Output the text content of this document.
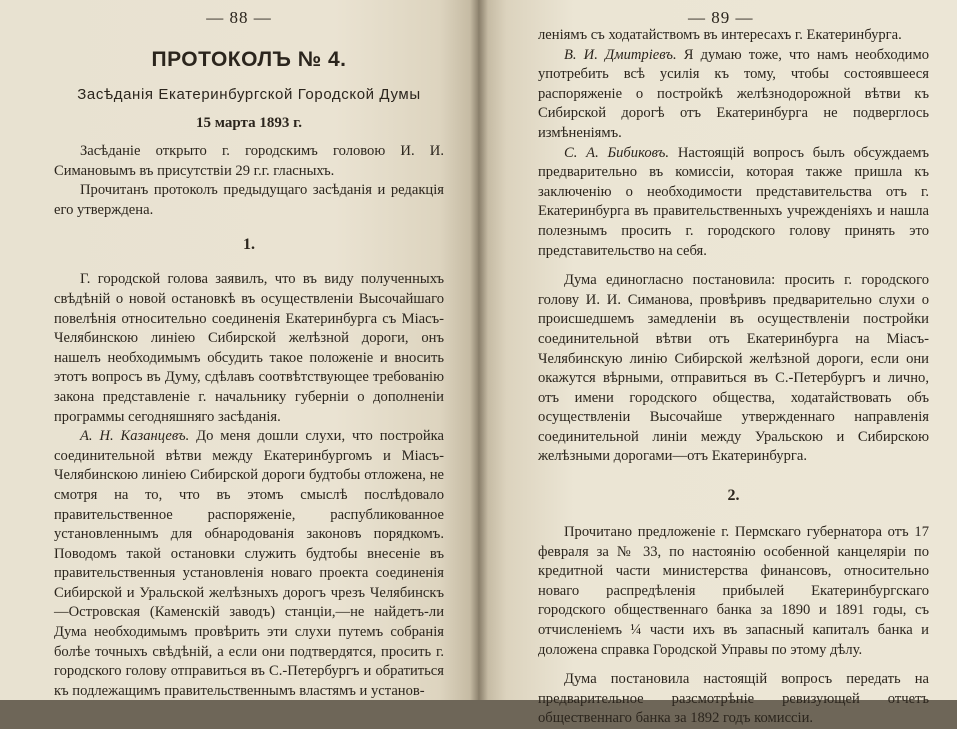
— 88 —
ПРОТОКОЛЪ № 4.
Засѣданія Екатеринбургской Городской Думы
15 марта 1893 г.

Засѣданіе открыто г. городскимъ головою И. И. Симановымъ въ присутствіи 29 г.г. гласныхъ.

Прочитанъ протоколъ предыдущаго засѣданія и редакція его утверждена.

1.

Г. городской голова заявилъ, что въ виду полученныхъ свѣдѣній о новой остановкѣ въ осуществленіи Высочайшаго повелѣнія относительно соединенія Екатеринбурга съ Міасъ-Челябинскою линіею Сибирской желѣзной дороги, онъ нашелъ необходимымъ обсудить такое положеніе и вносить этотъ вопросъ въ Думу, сдѣлавъ соотвѣтствующее требованію закона представленіе г. начальнику губерніи о дополненіи программы сегодняшняго засѣданія.

А. Н. Казанцевъ. До меня дошли слухи, что постройка соединительной вѣтви между Екатеринбургомъ и Міасъ-Челябинскою линіею Сибирской дороги будтобы отложена, не смотря на то, что въ этомъ смыслѣ послѣдовало правительственное распоряженіе, распубликованное установленнымъ для обнародованія законовъ порядкомъ. Поводомъ такой остановки служить будтобы внесеніе въ правительственныя установленія новаго проекта соединенія Сибирской и Уральской желѣзныхъ дорогъ чрезъ Челябинскъ—Островская (Каменскій заводъ) станціи,—не найдетъ-ли Дума необходимымъ провѣрить эти слухи путемъ собранія болѣе точныхъ свѣдѣній, а если они подтвердятся, просить г. городского голову отправиться въ С.-Петербургъ и обратиться къ подлежащимъ правительственнымъ властямъ и установ-

— 89 —

леніямъ съ ходатайствомъ въ интересахъ г. Екатеринбурга.

В. И. Дмитріевъ. Я думаю тоже, что намъ необходимо употребить всѣ усилія къ тому, чтобы состоявшееся распоряженіе о постройкѣ желѣзнодорожной вѣтви къ Сибирской дорогѣ отъ Екатеринбурга не подверглось измѣненіямъ.

С. А. Бибиковъ. Настоящій вопросъ былъ обсуждаемъ предварительно въ комиссіи, которая также пришла къ заключенію о необходимости представительства отъ г. Екатеринбурга въ правительственныхъ учрежденіяхъ и нашла полезнымъ просить г. городского голову принять это представительство на себя.

Дума единогласно постановила: просить г. городского голову И. И. Симанова, провѣривъ предварительно слухи о происшедшемъ замедленіи въ осуществленіи постройки соединительной вѣтви отъ Екатеринбурга на Міасъ-Челябинскую линію Сибирской желѣзной дороги, если они окажутся вѣрными, отправиться въ С.-Петербургъ и лично, отъ имени городского общества, ходатайствовать объ осуществленіи Высочайше утвержденнаго направленія соединительной линіи между Уральскою и Сибирскою желѣзными дорогами—отъ Екатеринбурга.

2.

Прочитано предложеніе г. Пермскаго губернатора отъ 17 февраля за № 33, по настоянію особенной канцеляріи по кредитной части министерства финансовъ, относительно новаго распредѣленія прибылей Екатеринбургскаго городского общественнаго банка за 1890 и 1891 годы, съ отчисленіемъ ¼ части ихъ въ запасный капиталъ банка и доложена справка Городской Управы по этому дѣлу.

Дума постановила настоящій вопросъ передать на предварительное разсмотрѣніе ревизующей отчетъ общественнаго банка за 1892 годъ комиссіи.
